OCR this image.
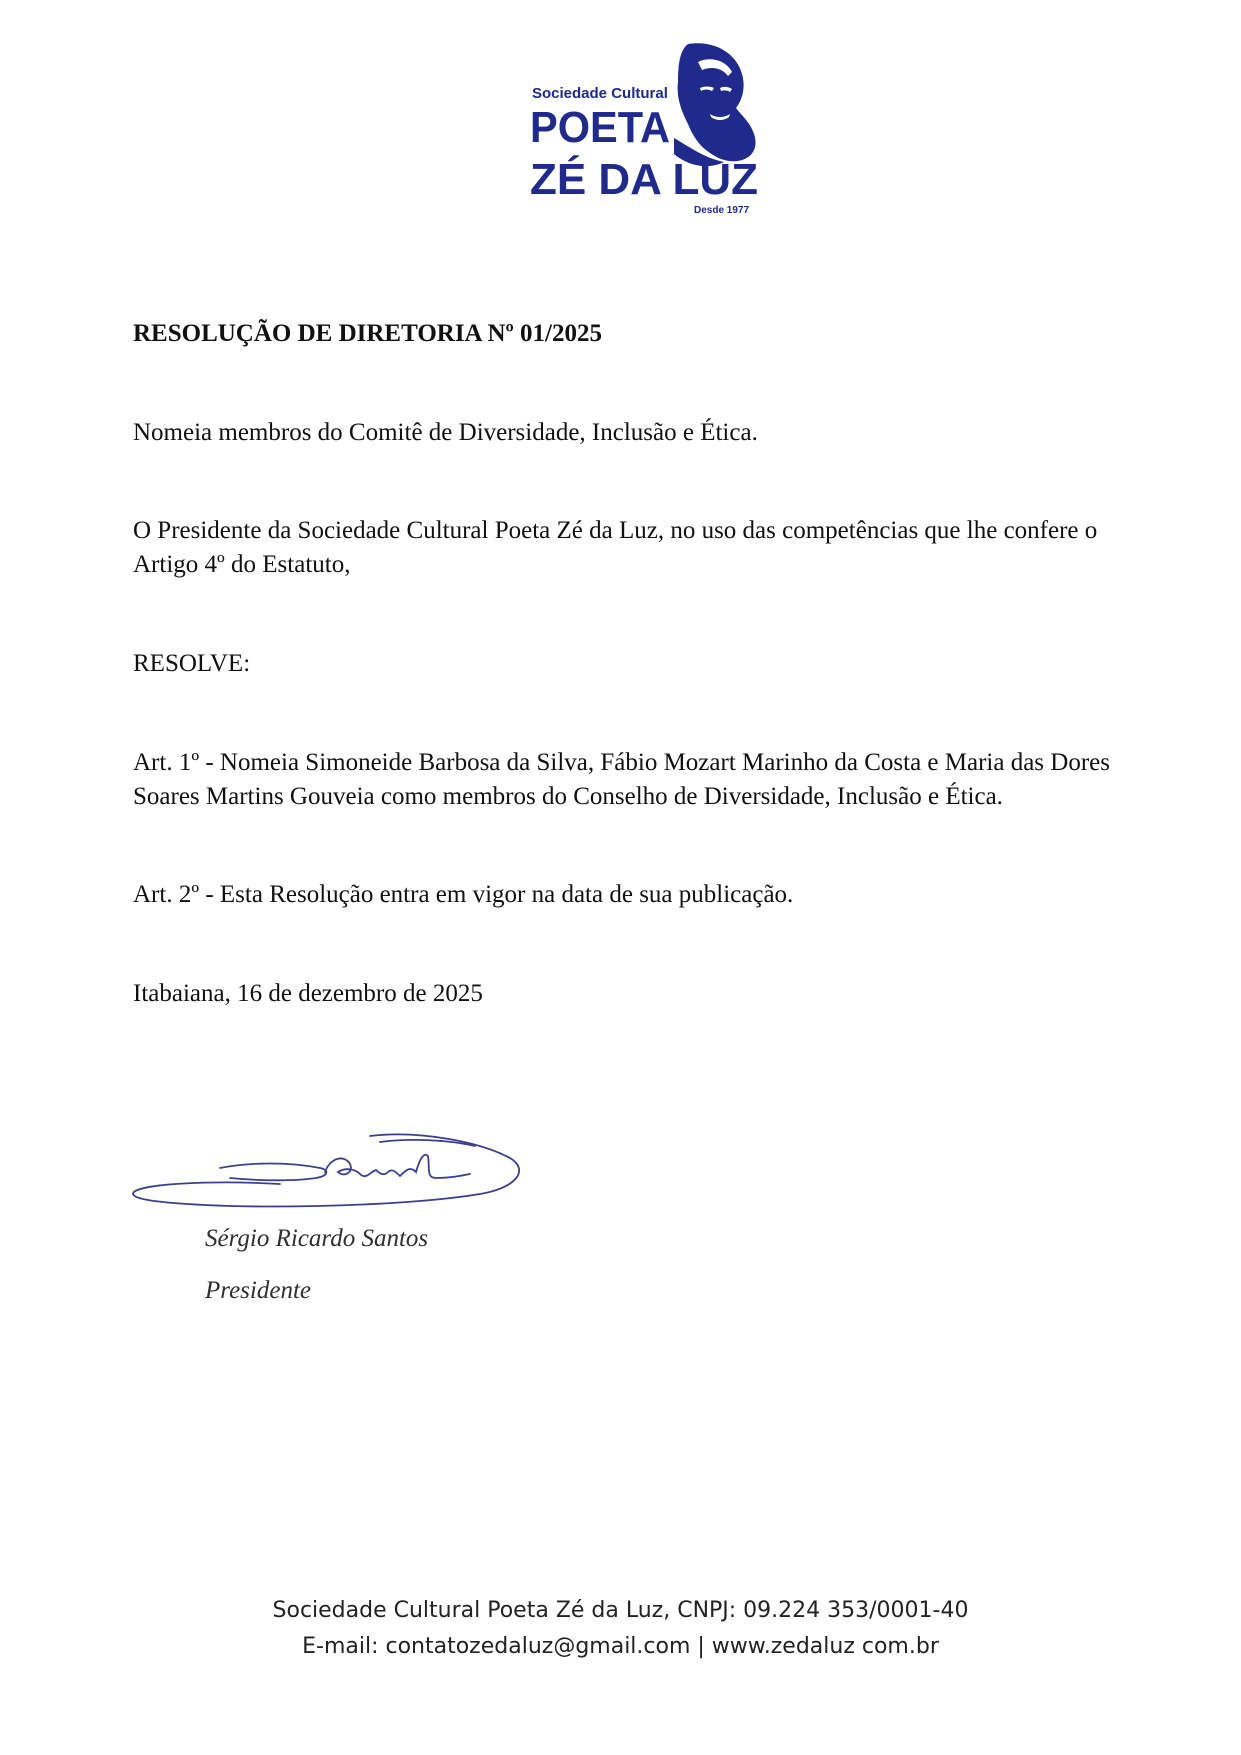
Sociedade Cultural
POETA
ZÉ DA LUZ
Desde 1977

RESOLUÇÃO DE DIRETORIA Nº 01/2025

Nomeia membros do Comitê de Diversidade, Inclusão e Ética.

O Presidente da Sociedade Cultural Poeta Zé da Luz, no uso das competências que lhe confere o Artigo 4º do Estatuto,

RESOLVE:

Art. 1º - Nomeia Simoneide Barbosa da Silva, Fábio Mozart Marinho da Costa e Maria das Dores Soares Martins Gouveia como membros do Conselho de Diversidade, Inclusão e Ética.

Art. 2º - Esta Resolução entra em vigor na data de sua publicação.

Itabaiana, 16 de dezembro de 2025

Sérgio Ricardo Santos

Presidente

Sociedade Cultural Poeta Zé da Luz, CNPJ: 09.224 353/0001-40

E-mail: contatozedaluz@gmail.com | www.zedaluz com.br
